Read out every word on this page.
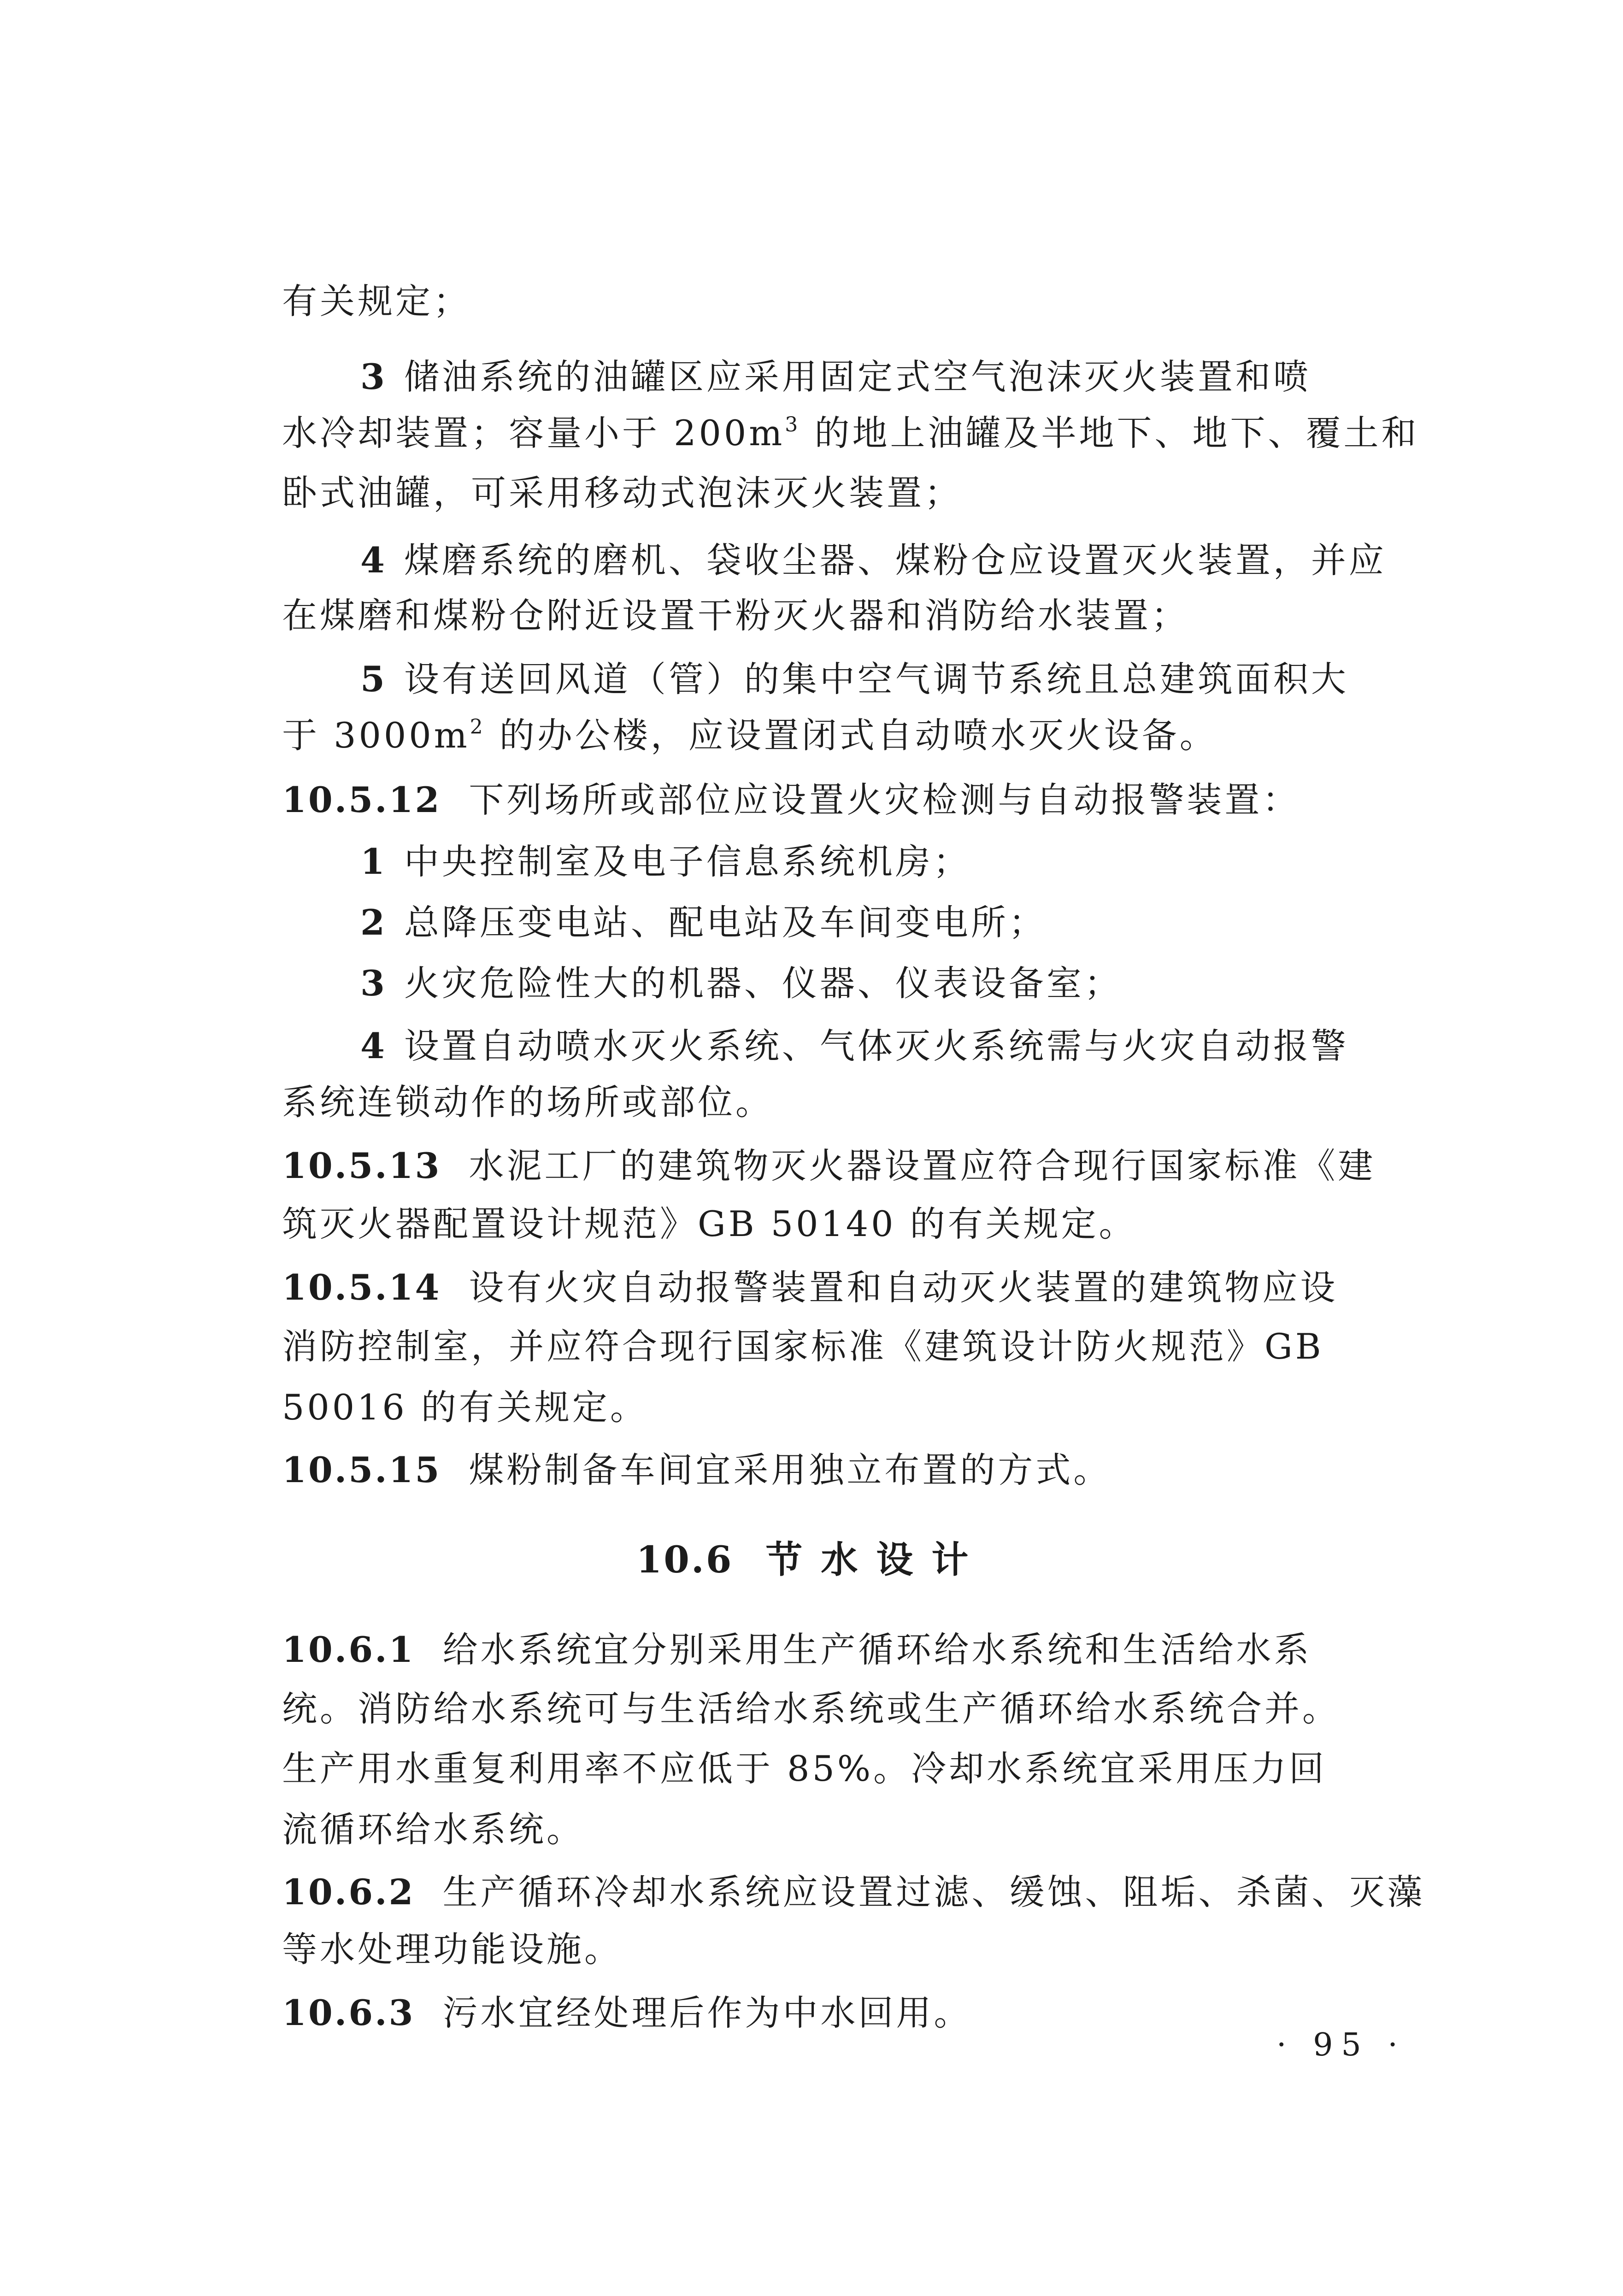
有关规定；
3 储油系统的油罐区应采用固定式空气泡沫灭火装置和喷
水冷却装置；容量小于 $200m^3$ 的地上油罐及半地下、地下、覆土和
卧式油罐，可采用移动式泡沫灭火装置；
4 煤磨系统的磨机、袋收尘器、煤粉仓应设置灭火装置，并应
在煤磨和煤粉仓附近设置干粉灭火器和消防给水装置；
5 设有送回风道（管）的集中空气调节系统且总建筑面积大
于 $3000m^2$ 的办公楼，应设置闭式自动喷水灭火设备。
10.5.12 下列场所或部位应设置火灾检测与自动报警装置：
1 中央控制室及电子信息系统机房；
2 总降压变电站、配电站及车间变电所；
3 火灾危险性大的机器、仪器、仪表设备室；
4 设置自动喷水灭火系统、气体灭火系统需与火灾自动报警
系统连锁动作的场所或部位。
10.5.13 水泥工厂的建筑物灭火器设置应符合现行国家标准《建
筑灭火器配置设计规范》GB 50140 的有关规定。
10.5.14 设有火灾自动报警装置和自动灭火装置的建筑物应设
消防控制室，并应符合现行国家标准《建筑设计防火规范》GB
50016 的有关规定。
10.5.15 煤粉制备车间宜采用独立布置的方式。
10.6 节水设计
10.6.1 给水系统宜分别采用生产循环给水系统和生活给水系
统。消防给水系统可与生活给水系统或生产循环给水系统合并。
生产用水重复利用率不应低于 85%。冷却水系统宜采用压力回
流循环给水系统。
10.6.2 生产循环冷却水系统应设置过滤、缓蚀、阻垢、杀菌、灭藻
等水处理功能设施。
10.6.3 污水宜经处理后作为中水回用。
· 95 ·
